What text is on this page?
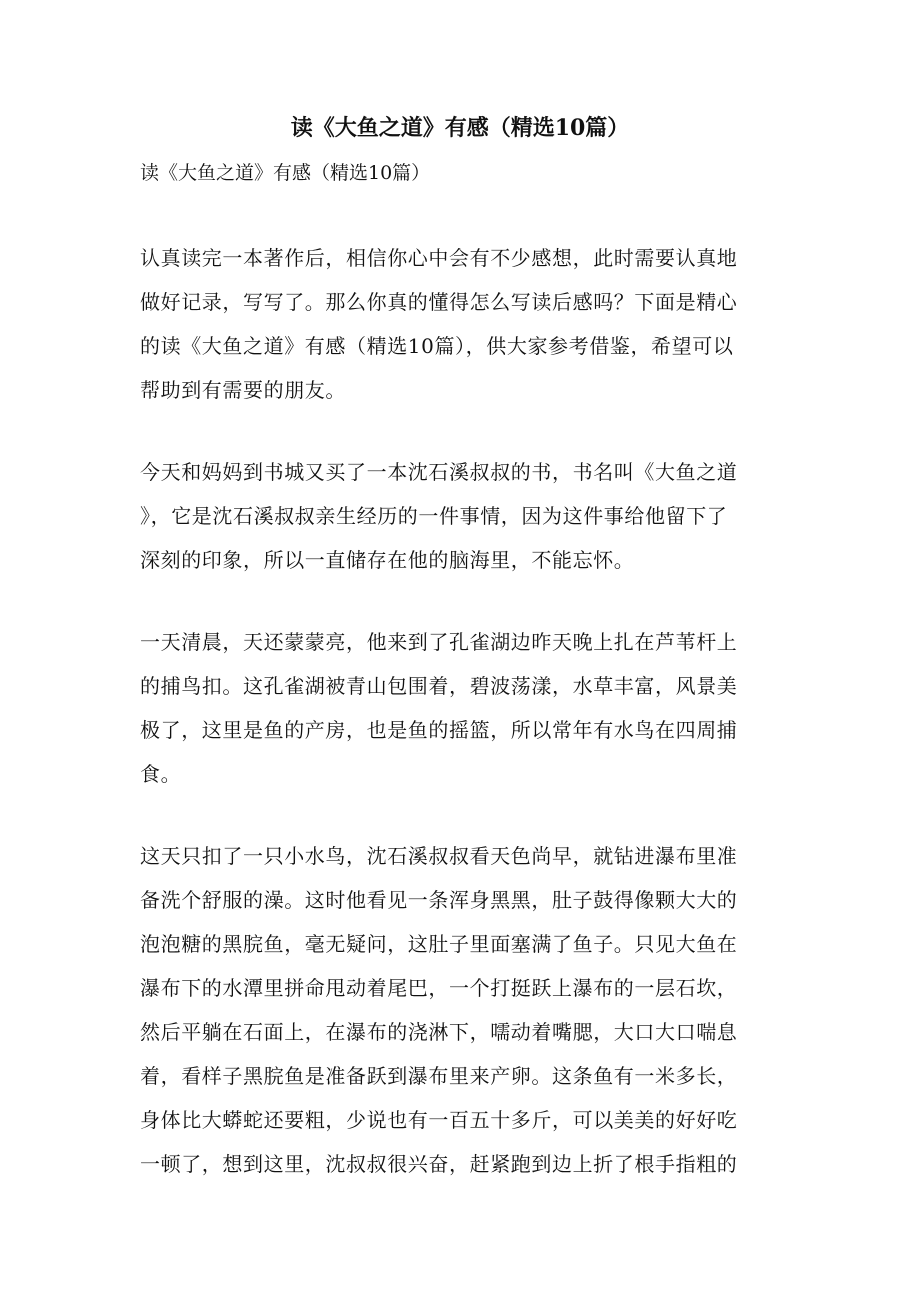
读《大鱼之道》有感（精选10篇）
读《大鱼之道》有感（精选10篇）
认真读完一本著作后，相信你心中会有不少感想，此时需要认真地
做好记录，写写了。那么你真的懂得怎么写读后感吗？下面是精心
的读《大鱼之道》有感（精选10篇），供大家参考借鉴，希望可以
帮助到有需要的朋友。
今天和妈妈到书城又买了一本沈石溪叔叔的书，书名叫《大鱼之道
》，它是沈石溪叔叔亲生经历的一件事情，因为这件事给他留下了
深刻的印象，所以一直储存在他的脑海里，不能忘怀。
一天清晨，天还蒙蒙亮，他来到了孔雀湖边昨天晚上扎在芦苇杆上
的捕鸟扣。这孔雀湖被青山包围着，碧波荡漾，水草丰富，风景美
极了，这里是鱼的产房，也是鱼的摇篮，所以常年有水鸟在四周捕
食。
这天只扣了一只小水鸟，沈石溪叔叔看天色尚早，就钻进瀑布里准
备洗个舒服的澡。这时他看见一条浑身黑黑，肚子鼓得像颗大大的
泡泡糖的黑脘鱼，毫无疑问，这肚子里面塞满了鱼子。只见大鱼在
瀑布下的水潭里拼命甩动着尾巴，一个打挺跃上瀑布的一层石坎，
然后平躺在石面上，在瀑布的浇淋下，嚅动着嘴腮，大口大口喘息
着，看样子黑脘鱼是准备跃到瀑布里来产卵。这条鱼有一米多长，
身体比大蟒蛇还要粗，少说也有一百五十多斤，可以美美的好好吃
一顿了，想到这里，沈叔叔很兴奋，赶紧跑到边上折了根手指粗的
